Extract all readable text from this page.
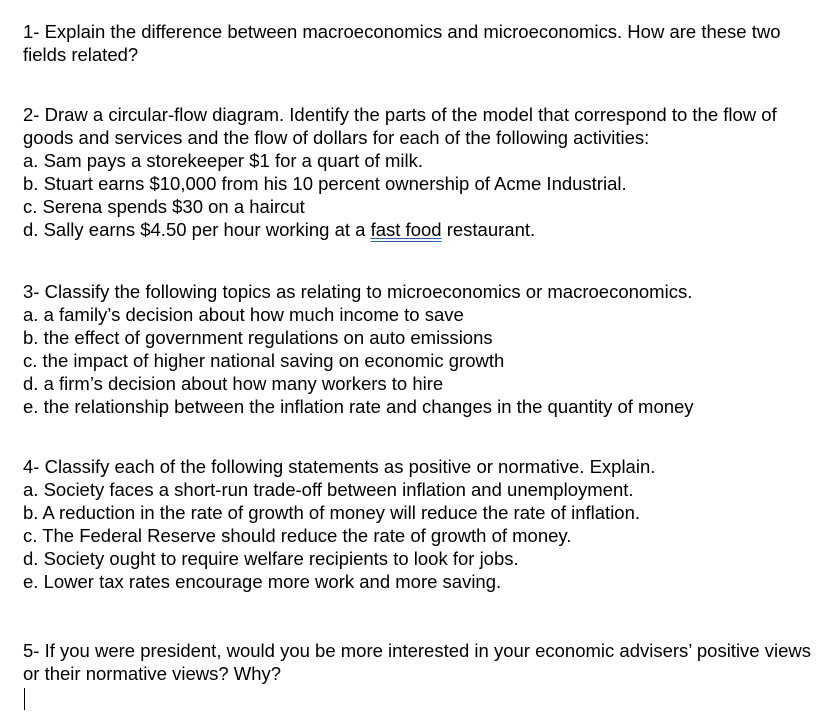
1- Explain the difference between macroeconomics and microeconomics. How are these two fields related?

2- Draw a circular-flow diagram. Identify the parts of the model that correspond to the flow of goods and services and the flow of dollars for each of the following activities:

a. Sam pays a storekeeper $1 for a quart of milk.

b. Stuart earns $10,000 from his 10 percent ownership of Acme Industrial.

c. Serena spends $30 on a haircut

d. Sally earns $4.50 per hour working at a fast food restaurant.

3- Classify the following topics as relating to microeconomics or macroeconomics.

a. a family’s decision about how much income to save

b. the effect of government regulations on auto emissions

c. the impact of higher national saving on economic growth

d. a firm’s decision about how many workers to hire

e. the relationship between the inflation rate and changes in the quantity of money

4- Classify each of the following statements as positive or normative. Explain.

a. Society faces a short-run trade-off between inflation and unemployment.

b. A reduction in the rate of growth of money will reduce the rate of inflation.

c. The Federal Reserve should reduce the rate of growth of money.

d. Society ought to require welfare recipients to look for jobs.

e. Lower tax rates encourage more work and more saving.

5- If you were president, would you be more interested in your economic advisers’ positive views or their normative views? Why?
